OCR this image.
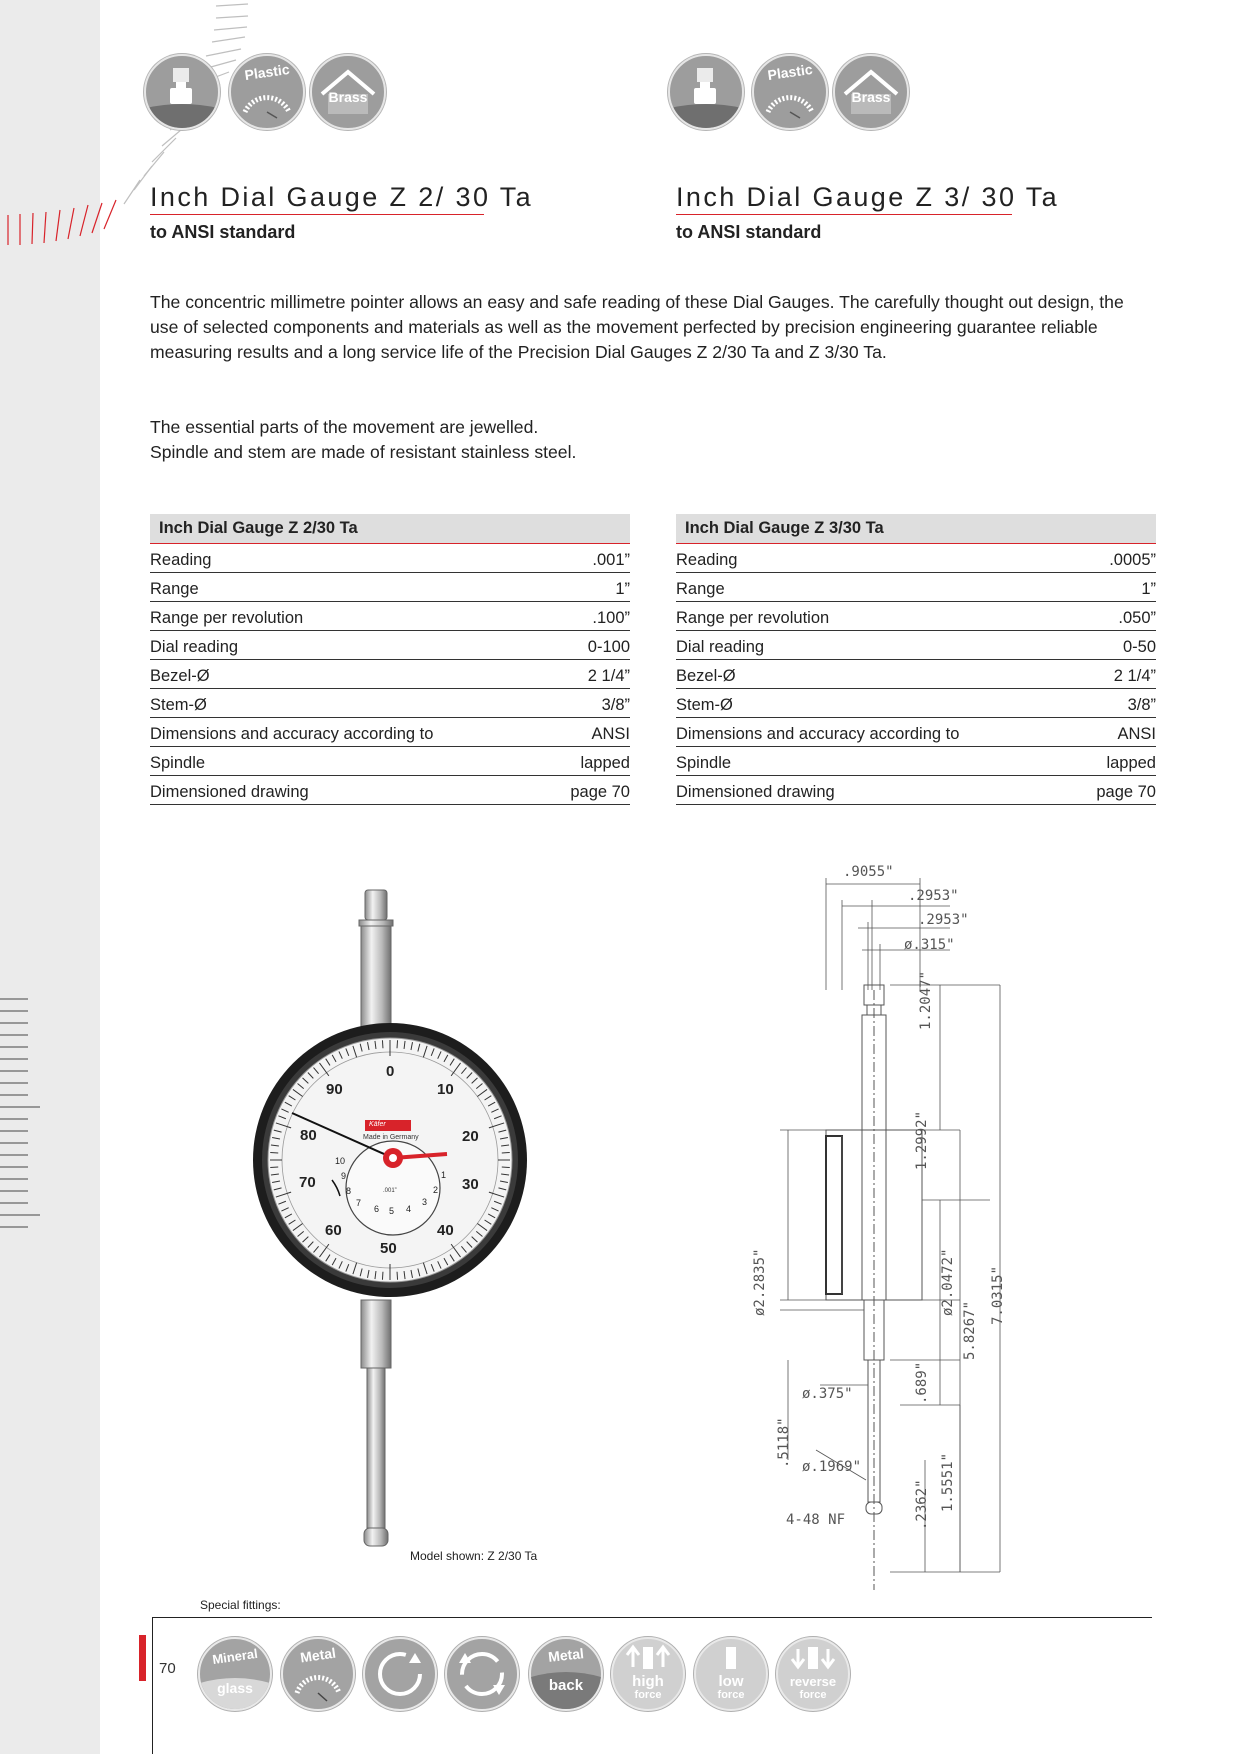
Plastic
Brass
Inch Dial Gauge Z 2/ 30 Ta
to ANSI standard
Plastic
Brass
Inch Dial Gauge Z 3/ 30 Ta
to ANSI standard
The concentric millimetre pointer allows an easy and safe reading of these Dial Gauges. The carefully thought out design, the use of selected components and materials as well as the movement perfected by precision engineering guarantee reliable measuring results and a long service life of the Precision Dial Gauges Z 2/30 Ta and Z 3/30 Ta.
The essential parts of the movement are jewelled.
Spindle and stem are made of resistant stainless steel.
Inch Dial Gauge Z 2/30 Ta
Reading	.001”
Range	1”
Range per revolution	.100”
Dial reading	0-100
Bezel-Ø	2 1/4”
Stem-Ø	3/8”
Dimensions and accuracy according to	ANSI
Spindle	lapped
Dimensioned drawing	page 70
Inch Dial Gauge Z 3/30 Ta
Reading	.0005”
Range	1”
Range per revolution	.050”
Dial reading	0-50
Bezel-Ø	2 1/4”
Stem-Ø	3/8”
Dimensions and accuracy according to	ANSI
Spindle	lapped
Dimensioned drawing	page 70
0
10
20
30
40
50
60
70
80
90
Käfer
Made in Germany
.001”
10
1
2
3
4
5
6
7
8
9
Model shown: Z 2/30 Ta
.9055"
.2953"
.2953"
ø.315"
1.2047"
1.2992"
ø2.2835"	ø2.0472"
5.8267"
7.0315"
ø.375"	.689"
.5118" ø.1969"	1.5551"
.2362"
4-48 NF
Special fittings:
70
Mineral
glass
Metal	Metal
back	high
force
low
force
reverse
force
